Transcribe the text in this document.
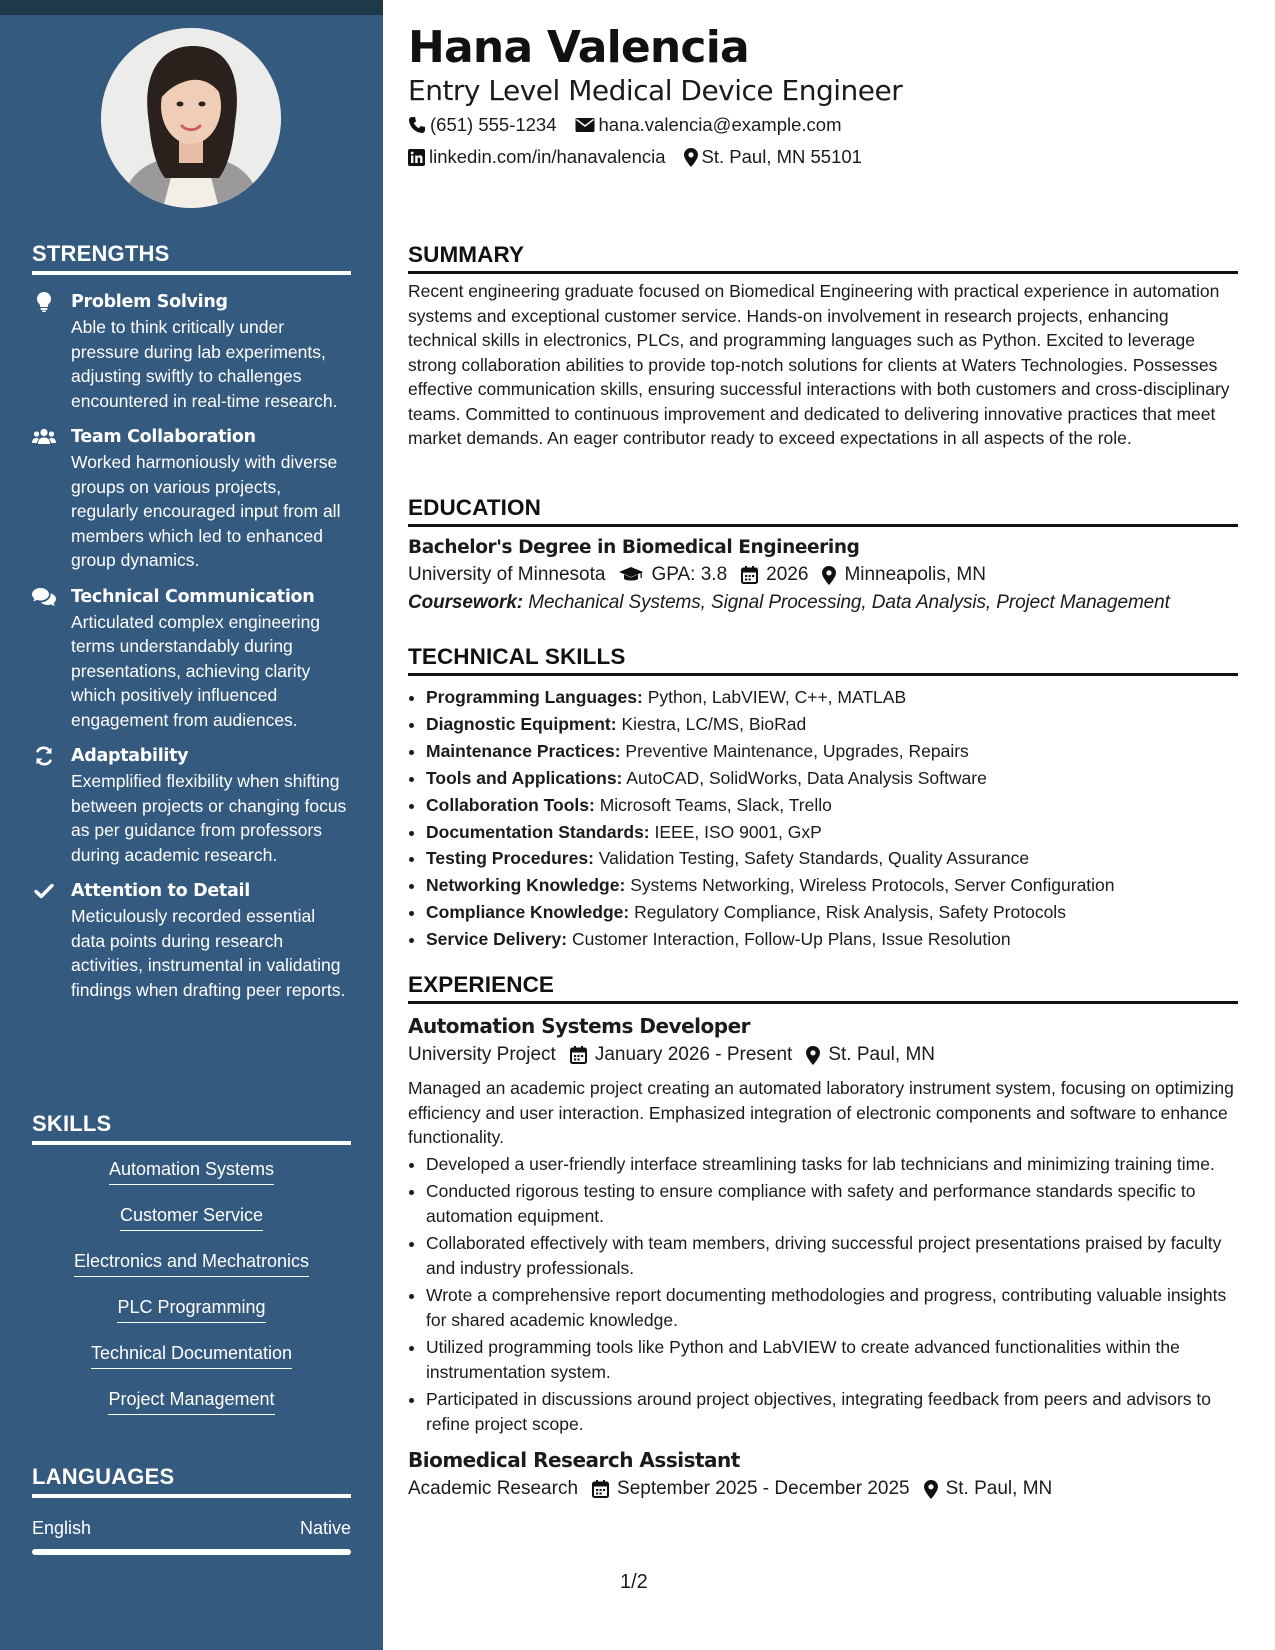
STRENGTHS
Problem Solving
Able to think critically under pressure during lab experiments, adjusting swiftly to challenges encountered in real-time research.
Team Collaboration
Worked harmoniously with diverse groups on various projects, regularly encouraged input from all members which led to enhanced group dynamics.
Technical Communication
Articulated complex engineering terms understandably during presentations, achieving clarity which positively influenced engagement from audiences.
Adaptability
Exemplified flexibility when shifting between projects or changing focus as per guidance from professors during academic research.
Attention to Detail
Meticulously recorded essential data points during research activities, instrumental in validating findings when drafting peer reports.
SKILLS
Automation Systems
Customer Service
Electronics and Mechatronics
PLC Programming
Technical Documentation
Project Management
LANGUAGES
English	Native
Hana Valencia
Entry Level Medical Device Engineer
(651) 555-1234 hana.valencia@example.com
linkedin.com/in/hanavalencia St. Paul, MN 55101
SUMMARY
Recent engineering graduate focused on Biomedical Engineering with practical experience in automation systems and exceptional customer service. Hands-on involvement in research projects, enhancing technical skills in electronics, PLCs, and programming languages such as Python. Excited to leverage strong collaboration abilities to provide top-notch solutions for clients at Waters Technologies. Possesses effective communication skills, ensuring successful interactions with both customers and cross-disciplinary teams. Committed to continuous improvement and dedicated to delivering innovative practices that meet market demands. An eager contributor ready to exceed expectations in all aspects of the role.
EDUCATION
Bachelor's Degree in Biomedical Engineering
University of Minnesota GPA: 3.8 2026 Minneapolis, MN
Coursework: Mechanical Systems, Signal Processing, Data Analysis, Project Management
TECHNICAL SKILLS
• Programming Languages: Python, LabVIEW, C++, MATLAB
• Diagnostic Equipment: Kiestra, LC/MS, BioRad
• Maintenance Practices: Preventive Maintenance, Upgrades, Repairs
• Tools and Applications: AutoCAD, SolidWorks, Data Analysis Software
• Collaboration Tools: Microsoft Teams, Slack, Trello
• Documentation Standards: IEEE, ISO 9001, GxP
• Testing Procedures: Validation Testing, Safety Standards, Quality Assurance
• Networking Knowledge: Systems Networking, Wireless Protocols, Server Configuration
• Compliance Knowledge: Regulatory Compliance, Risk Analysis, Safety Protocols
• Service Delivery: Customer Interaction, Follow-Up Plans, Issue Resolution
EXPERIENCE
Automation Systems Developer
University Project January 2026 - Present St. Paul, MN
Managed an academic project creating an automated laboratory instrument system, focusing on optimizing efficiency and user interaction. Emphasized integration of electronic components and software to enhance functionality.
• Developed a user-friendly interface streamlining tasks for lab technicians and minimizing training time.
• Conducted rigorous testing to ensure compliance with safety and performance standards specific to automation equipment.
• Collaborated effectively with team members, driving successful project presentations praised by faculty and industry professionals.
• Wrote a comprehensive report documenting methodologies and progress, contributing valuable insights for shared academic knowledge.
• Utilized programming tools like Python and LabVIEW to create advanced functionalities within the instrumentation system.
• Participated in discussions around project objectives, integrating feedback from peers and advisors to refine project scope.
Biomedical Research Assistant
Academic Research September 2025 - December 2025 St. Paul, MN
1/2
